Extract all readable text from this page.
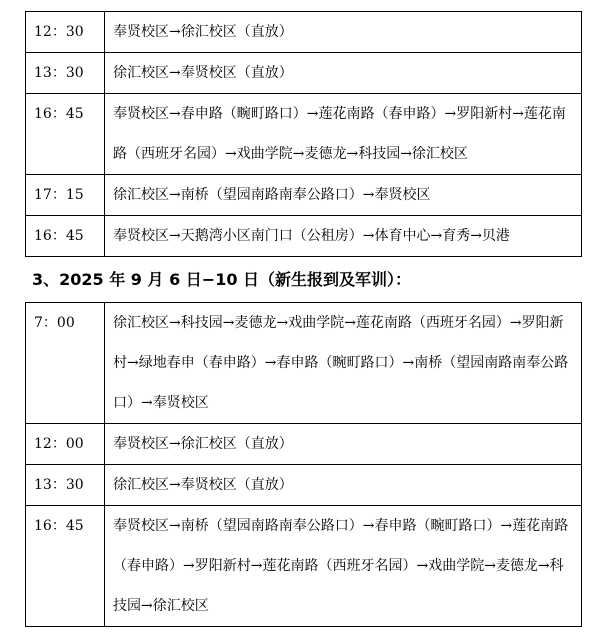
12：30	奉贤校区→徐汇校区（直放）
13：30	徐汇校区→奉贤校区（直放）
16：45	奉贤校区→春申路（畹町路口）→莲花南路（春申路）→罗阳新村→莲花南路（西班牙名园）→戏曲学院→麦德龙→科技园→徐汇校区
17：15	徐汇校区→南桥（望园南路南奉公路口）→奉贤校区
16：45	奉贤校区→天鹅湾小区南门口（公租房）→体育中心→育秀→贝港
3、2025 年 9 月 6 日−10 日（新生报到及军训）：
7：00	徐汇校区→科技园→麦德龙→戏曲学院→莲花南路（西班牙名园）→罗阳新村→绿地春申（春申路）→春申路（畹町路口）→南桥（望园南路南奉公路口）→奉贤校区
12：00	奉贤校区→徐汇校区（直放）
13：30	徐汇校区→奉贤校区（直放）
16：45	奉贤校区→南桥（望园南路南奉公路口）→春申路（畹町路口）→莲花南路（春申路）→罗阳新村→莲花南路（西班牙名园）→戏曲学院→麦德龙→科技园→徐汇校区
